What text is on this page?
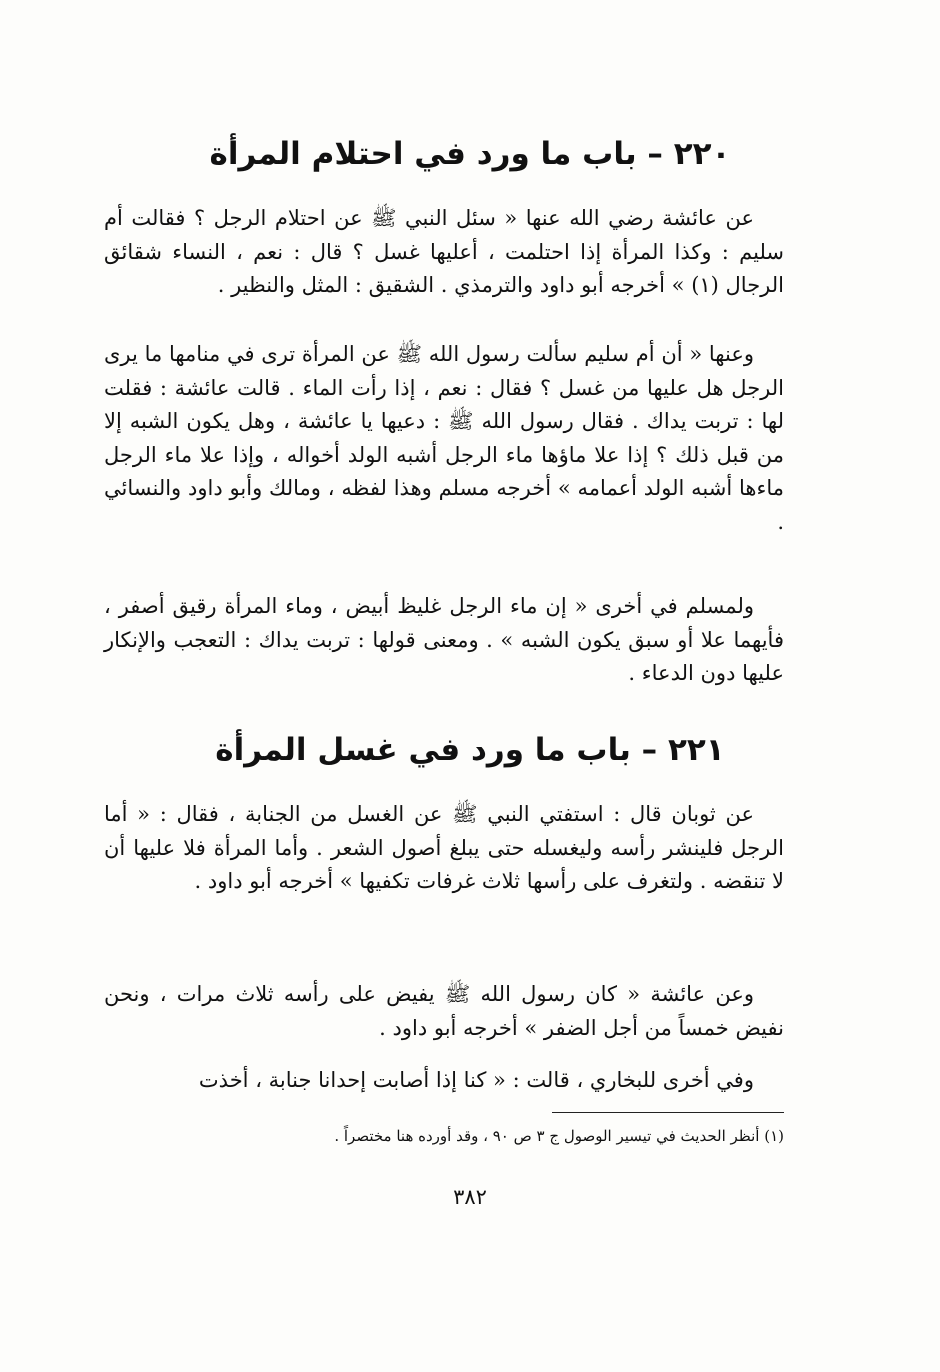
٢٢٠ – باب ما ورد في احتلام المرأة

عن عائشة رضي الله عنها « سئل النبي ﷺ عن احتلام الرجل ؟ فقالت أم سليم : وكذا المرأة إذا احتلمت ، أعليها غسل ؟ قال : نعم ، النساء شقائق الرجال (١) » أخرجه أبو داود والترمذي . الشقيق : المثل والنظير .

وعنها « أن أم سليم سألت رسول الله ﷺ عن المرأة ترى في منامها ما يرى الرجل هل عليها من غسل ؟ فقال : نعم ، إذا رأت الماء . قالت عائشة : فقلت لها : تربت يداك . فقال رسول الله ﷺ : دعيها يا عائشة ، وهل يكون الشبه إلا من قبل ذلك ؟ إذا علا ماؤها ماء الرجل أشبه الولد أخواله ، وإذا علا ماء الرجل ماءها أشبه الولد أعمامه » أخرجه مسلم وهذا لفظه ، ومالك وأبو داود والنسائي .

ولمسلم في أخرى « إن ماء الرجل غليظ أبيض ، وماء المرأة رقيق أصفر ، فأيهما علا أو سبق يكون الشبه » . ومعنى قولها : تربت يداك : التعجب والإنكار عليها دون الدعاء .

٢٢١ – باب ما ورد في غسل المرأة

عن ثوبان قال : استفتي النبي ﷺ عن الغسل من الجنابة ، فقال : « أما الرجل فلينشر رأسه وليغسله حتى يبلغ أصول الشعر . وأما المرأة فلا عليها أن لا تنقضه . ولتغرف على رأسها ثلاث غرفات تكفيها » أخرجه أبو داود .

وعن عائشة « كان رسول الله ﷺ يفيض على رأسه ثلاث مرات ، ونحن نفيض خمساً من أجل الضفر » أخرجه أبو داود .

وفي أخرى للبخاري ، قالت : « كنا إذا أصابت إحدانا جنابة ، أخذت

(١) أنظر الحديث في تيسير الوصول ج ٣ ص ٩٠ ، وقد أورده هنا مختصراً .

٣٨٢
